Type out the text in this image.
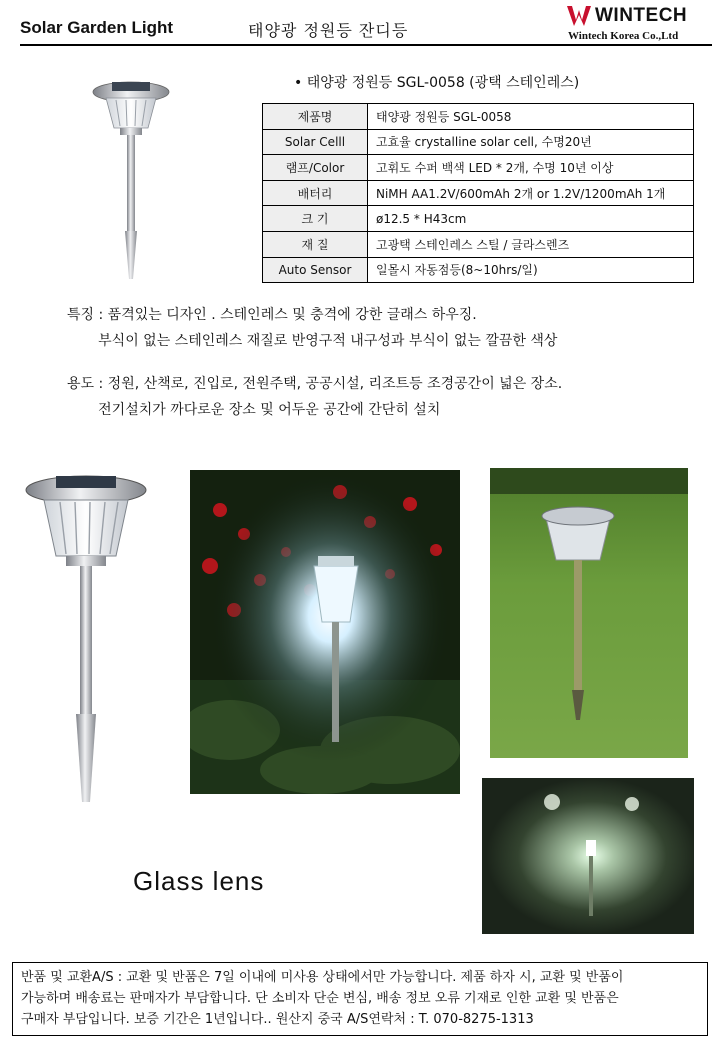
Solar Garden Light	태양광 정원등 잔디등
WINTECH
Wintech Korea Co.,Ltd
• 태양광 정원등 SGL-0058 (광택 스테인레스)
제품명	태양광 정원등 SGL-0058
Solar Celll	고효율 crystalline solar cell, 수명20년
램프/Color	고휘도 수퍼 백색 LED * 2개, 수명 10년 이상
배터리	NiMH AA1.2V/600mAh 2개 or 1.2V/1200mAh 1개
크 기	ø12.5 * H43cm
재 질	고광택 스테인레스 스틸 / 글라스렌즈
Auto Sensor	일몰시 자동점등(8~10hrs/일)
특징 : 품격있는 디자인 . 스테인레스 및 충격에 강한 글래스 하우징.
부식이 없는 스테인레스 재질로 반영구적 내구성과 부식이 없는 깔끔한 색상
용도 : 정원, 산책로, 진입로, 전원주택, 공공시설, 리조트등 조경공간이 넓은 장소.
전기설치가 까다로운 장소 및 어두운 공간에 간단히 설치
Glass lens
반품 및 교환A/S : 교환 및 반품은 7일 이내에 미사용 상태에서만 가능합니다. 제품 하자 시, 교환 및 반품이
가능하며 배송료는 판매자가 부담합니다. 단 소비자 단순 변심, 배송 정보 오류 기재로 인한 교환 및 반품은
구매자 부담입니다. 보증 기간은 1년입니다.. 원산지 중국 A/S연락처 : T. 070-8275-1313
